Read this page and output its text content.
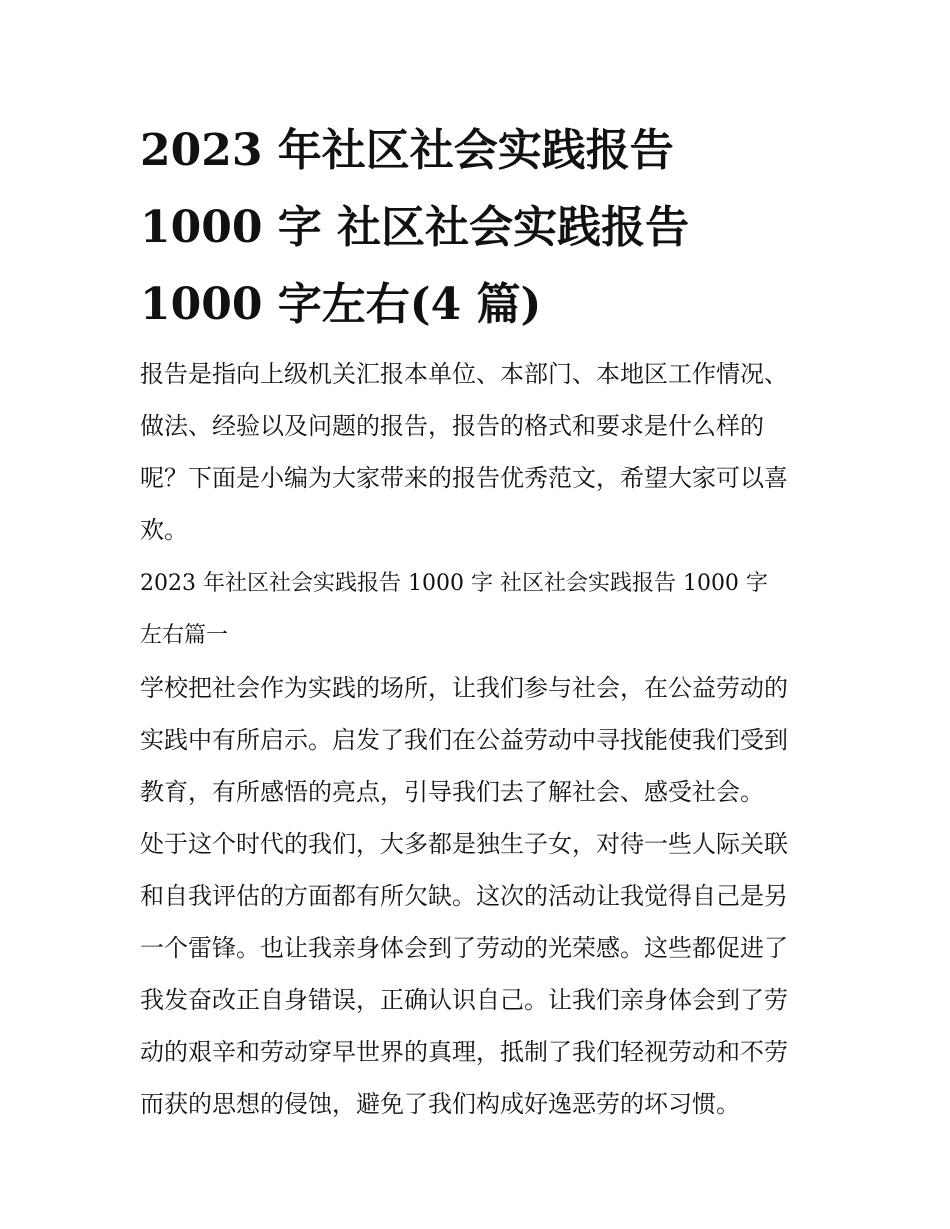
2023 年社区社会实践报告
1000 字 社区社会实践报告
1000 字左右(4 篇)
报告是指向上级机关汇报本单位、本部门、本地区工作情况、
做法、经验以及问题的报告，报告的格式和要求是什么样的
呢？下面是小编为大家带来的报告优秀范文，希望大家可以喜
欢。
2023 年社区社会实践报告 1000 字 社区社会实践报告 1000 字
左右篇一
学校把社会作为实践的场所，让我们参与社会，在公益劳动的
实践中有所启示。启发了我们在公益劳动中寻找能使我们受到
教育，有所感悟的亮点，引导我们去了解社会、感受社会。
处于这个时代的我们，大多都是独生子女，对待一些人际关联
和自我评估的方面都有所欠缺。这次的活动让我觉得自己是另
一个雷锋。也让我亲身体会到了劳动的光荣感。这些都促进了
我发奋改正自身错误，正确认识自己。让我们亲身体会到了劳
动的艰辛和劳动穿早世界的真理，抵制了我们轻视劳动和不劳
而获的思想的侵蚀，避免了我们构成好逸恶劳的坏习惯。
